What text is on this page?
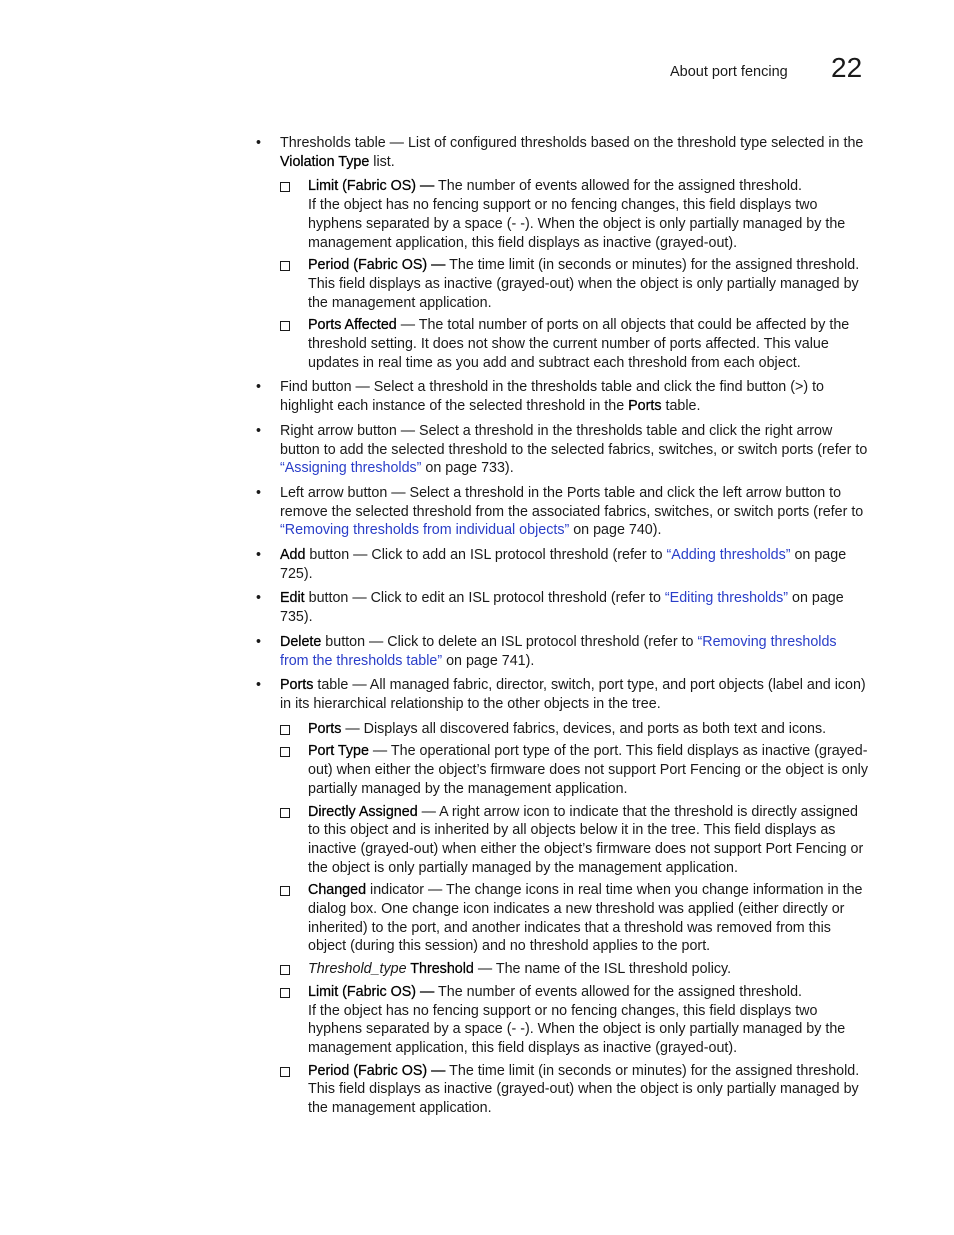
About port fencing 22
• Thresholds table — List of configured thresholds based on the threshold type selected in the Violation Type list.
Limit (Fabric OS) — The number of events allowed for the assigned threshold.
If the object has no fencing support or no fencing changes, this field displays two hyphens separated by a space (- -). When the object is only partially managed by the management application, this field displays as inactive (grayed-out).
Period (Fabric OS) — The time limit (in seconds or minutes) for the assigned threshold. This field displays as inactive (grayed-out) when the object is only partially managed by the management application.
Ports Affected — The total number of ports on all objects that could be affected by the threshold setting. It does not show the current number of ports affected. This value updates in real time as you add and subtract each threshold from each object.
• Find button — Select a threshold in the thresholds table and click the find button (>) to highlight each instance of the selected threshold in the Ports table.
• Right arrow button — Select a threshold in the thresholds table and click the right arrow button to add the selected threshold to the selected fabrics, switches, or switch ports (refer to “Assigning thresholds” on page 733).
• Left arrow button — Select a threshold in the Ports table and click the left arrow button to remove the selected threshold from the associated fabrics, switches, or switch ports (refer to “Removing thresholds from individual objects” on page 740).
• Add button — Click to add an ISL protocol threshold (refer to “Adding thresholds” on page 725).
• Edit button — Click to edit an ISL protocol threshold (refer to “Editing thresholds” on page 735).
• Delete button — Click to delete an ISL protocol threshold (refer to “Removing thresholds from the thresholds table” on page 741).
• Ports table — All managed fabric, director, switch, port type, and port objects (label and icon) in its hierarchical relationship to the other objects in the tree.
Ports — Displays all discovered fabrics, devices, and ports as both text and icons.
Port Type — The operational port type of the port. This field displays as inactive (grayed-out) when either the object’s firmware does not support Port Fencing or the object is only partially managed by the management application.
Directly Assigned — A right arrow icon to indicate that the threshold is directly assigned to this object and is inherited by all objects below it in the tree. This field displays as inactive (grayed-out) when either the object’s firmware does not support Port Fencing or the object is only partially managed by the management application.
Changed indicator — The change icons in real time when you change information in the dialog box. One change icon indicates a new threshold was applied (either directly or inherited) to the port, and another indicates that a threshold was removed from this object (during this session) and no threshold applies to the port.
Threshold_type Threshold — The name of the ISL threshold policy.
Limit (Fabric OS) — The number of events allowed for the assigned threshold.
If the object has no fencing support or no fencing changes, this field displays two hyphens separated by a space (- -). When the object is only partially managed by the management application, this field displays as inactive (grayed-out).
Period (Fabric OS) — The time limit (in seconds or minutes) for the assigned threshold. This field displays as inactive (grayed-out) when the object is only partially managed by the management application.
